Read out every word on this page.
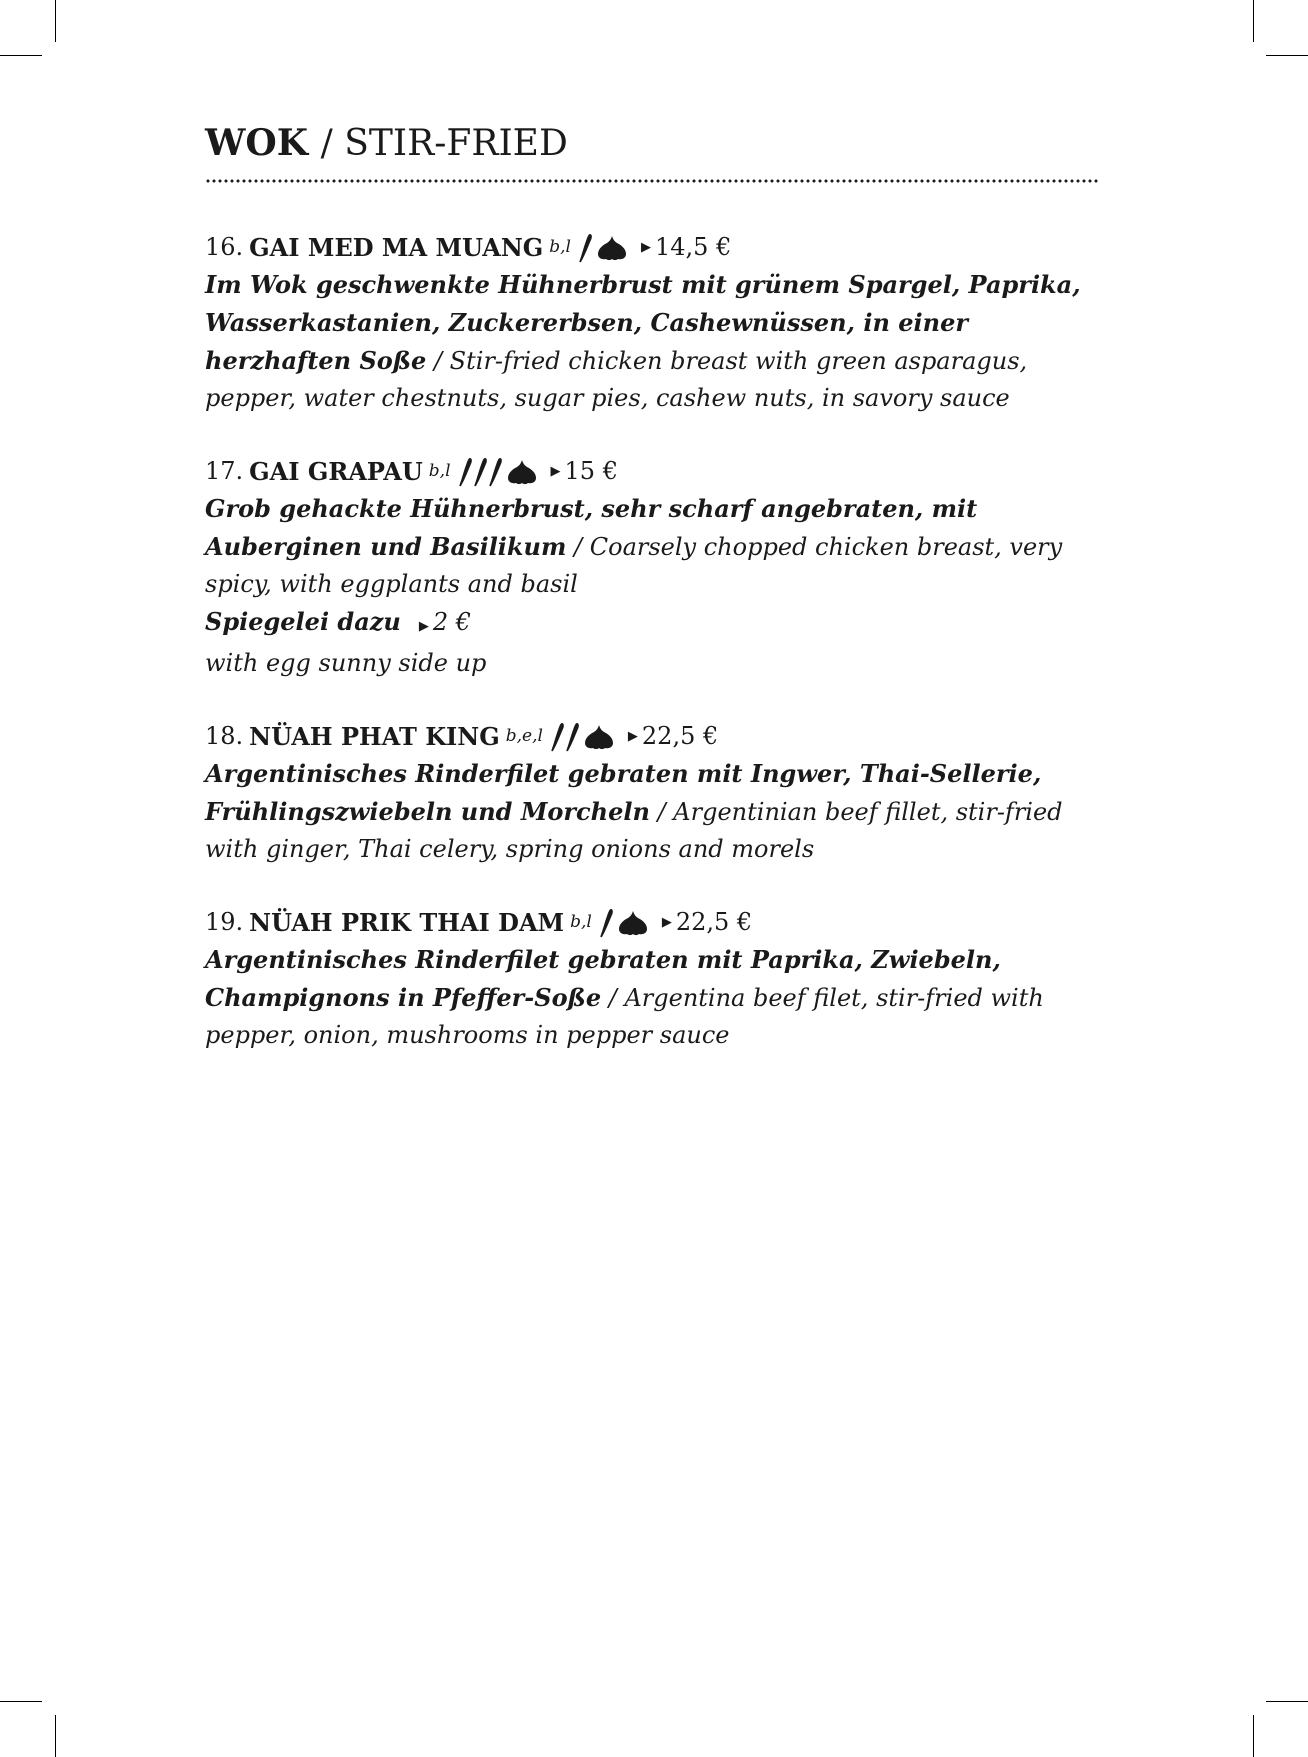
WOK / STIR-FRIED
16. GAI MED MA MUANG b,l	▶ 14,5 €

Im Wok geschwenkte Hühnerbrust mit grünem Spargel, Paprika, Wasserkastanien, Zuckererbsen, Cashewnüssen, in einer herzhaften Soße / Stir-fried chicken breast with green asparagus, pepper, water chestnuts, sugar pies, cashew nuts, in savory sauce

17. GAI GRAPAU b,l	▶ 15 €

Grob gehackte Hühnerbrust, sehr scharf angebraten, mit Auberginen und Basilikum / Coarsely chopped chicken breast, very spicy, with eggplants and basil

Spiegelei dazu ▶ 2 €
with egg sunny side up
18. NÜAH PHAT KING b,e,l	▶ 22,5 €

Argentinisches Rinderfilet gebraten mit Ingwer, Thai-Sellerie, Frühlingszwiebeln und Morcheln / Argentinian beef fillet, stir-fried with ginger, Thai celery, spring onions and morels

19. NÜAH PRIK THAI DAM b,l	▶ 22,5 €

Argentinisches Rinderfilet gebraten mit Paprika, Zwiebeln, Champignons in Pfeffer-Soße / Argentina beef filet, stir-fried with pepper, onion, mushrooms in pepper sauce
